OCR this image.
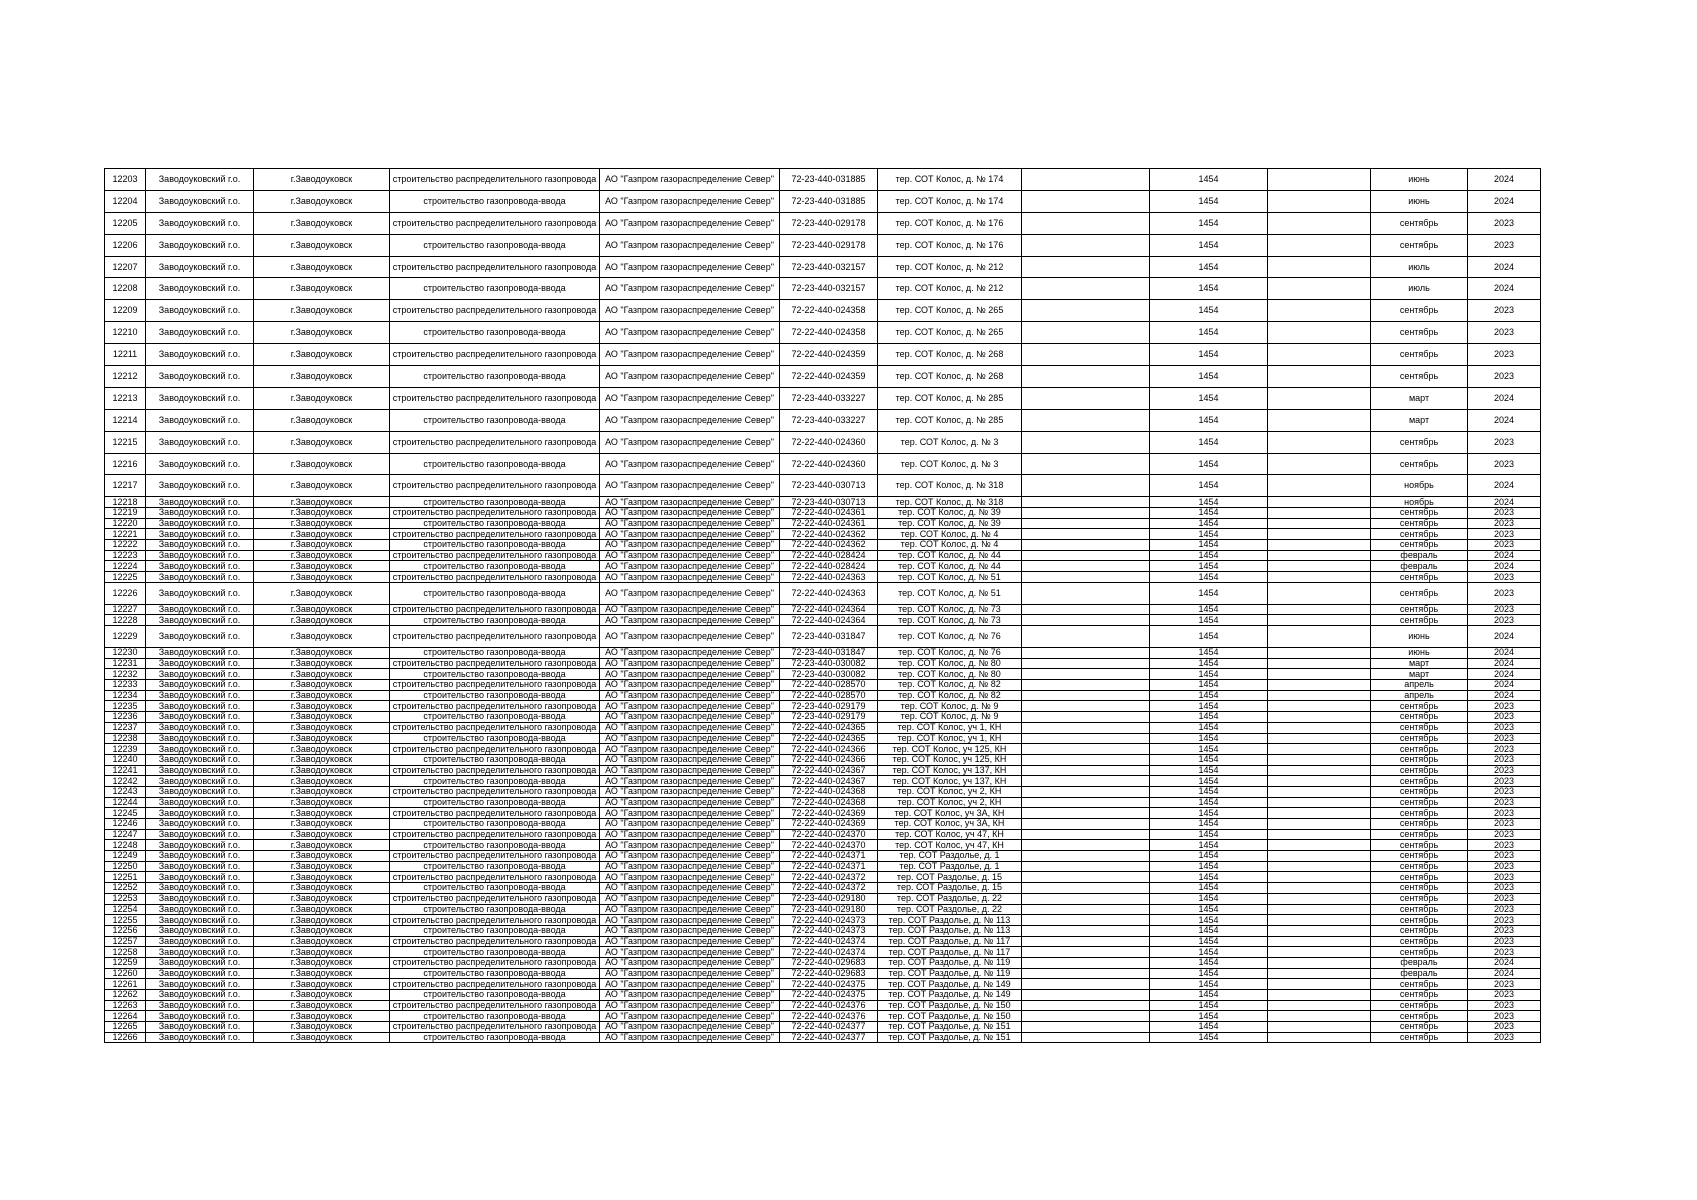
12203	Заводоуковский г.о.	г.Заводоуковск	строительство распределительного газопровода	АО "Газпром газораспределение Север"	72-23-440-031885	тер. СОТ Колос, д. № 174		1454		июнь	2024
12204	Заводоуковский г.о.	г.Заводоуковск	строительство газопровода-ввода	АО "Газпром газораспределение Север"	72-23-440-031885	тер. СОТ Колос, д. № 174		1454		июнь	2024
12205	Заводоуковский г.о.	г.Заводоуковск	строительство распределительного газопровода	АО "Газпром газораспределение Север"	72-23-440-029178	тер. СОТ Колос, д. № 176		1454		сентябрь	2023
12206	Заводоуковский г.о.	г.Заводоуковск	строительство газопровода-ввода	АО "Газпром газораспределение Север"	72-23-440-029178	тер. СОТ Колос, д. № 176		1454		сентябрь	2023
12207	Заводоуковский г.о.	г.Заводоуковск	строительство распределительного газопровода	АО "Газпром газораспределение Север"	72-23-440-032157	тер. СОТ Колос, д. № 212		1454		июль	2024
12208	Заводоуковский г.о.	г.Заводоуковск	строительство газопровода-ввода	АО "Газпром газораспределение Север"	72-23-440-032157	тер. СОТ Колос, д. № 212		1454		июль	2024
12209	Заводоуковский г.о.	г.Заводоуковск	строительство распределительного газопровода	АО "Газпром газораспределение Север"	72-22-440-024358	тер. СОТ Колос, д. № 265		1454		сентябрь	2023
12210	Заводоуковский г.о.	г.Заводоуковск	строительство газопровода-ввода	АО "Газпром газораспределение Север"	72-22-440-024358	тер. СОТ Колос, д. № 265		1454		сентябрь	2023
12211	Заводоуковский г.о.	г.Заводоуковск	строительство распределительного газопровода	АО "Газпром газораспределение Север"	72-22-440-024359	тер. СОТ Колос, д. № 268		1454		сентябрь	2023
12212	Заводоуковский г.о.	г.Заводоуковск	строительство газопровода-ввода	АО "Газпром газораспределение Север"	72-22-440-024359	тер. СОТ Колос, д. № 268		1454		сентябрь	2023
12213	Заводоуковский г.о.	г.Заводоуковск	строительство распределительного газопровода	АО "Газпром газораспределение Север"	72-23-440-033227	тер. СОТ Колос, д. № 285		1454		март	2024
12214	Заводоуковский г.о.	г.Заводоуковск	строительство газопровода-ввода	АО "Газпром газораспределение Север"	72-23-440-033227	тер. СОТ Колос, д. № 285		1454		март	2024
12215	Заводоуковский г.о.	г.Заводоуковск	строительство распределительного газопровода	АО "Газпром газораспределение Север"	72-22-440-024360	тер. СОТ Колос, д. № 3		1454		сентябрь	2023
12216	Заводоуковский г.о.	г.Заводоуковск	строительство газопровода-ввода	АО "Газпром газораспределение Север"	72-22-440-024360	тер. СОТ Колос, д. № 3		1454		сентябрь	2023
12217	Заводоуковский г.о.	г.Заводоуковск	строительство распределительного газопровода	АО "Газпром газораспределение Север"	72-23-440-030713	тер. СОТ Колос, д. № 318		1454		ноябрь	2024
12218	Заводоуковский г.о.	г.Заводоуковск	строительство газопровода-ввода	АО "Газпром газораспределение Север"	72-23-440-030713	тер. СОТ Колос, д. № 318		1454		ноябрь	2024
12219	Заводоуковский г.о.	г.Заводоуковск	строительство распределительного газопровода	АО "Газпром газораспределение Север"	72-22-440-024361	тер. СОТ Колос, д. № 39		1454		сентябрь	2023
12220	Заводоуковский г.о.	г.Заводоуковск	строительство газопровода-ввода	АО "Газпром газораспределение Север"	72-22-440-024361	тер. СОТ Колос, д. № 39		1454		сентябрь	2023
12221	Заводоуковский г.о.	г.Заводоуковск	строительство распределительного газопровода	АО "Газпром газораспределение Север"	72-22-440-024362	тер. СОТ Колос, д. № 4		1454		сентябрь	2023
12222	Заводоуковский г.о.	г.Заводоуковск	строительство газопровода-ввода	АО "Газпром газораспределение Север"	72-22-440-024362	тер. СОТ Колос, д. № 4		1454		сентябрь	2023
12223	Заводоуковский г.о.	г.Заводоуковск	строительство распределительного газопровода	АО "Газпром газораспределение Север"	72-22-440-028424	тер. СОТ Колос, д. № 44		1454		февраль	2024
12224	Заводоуковский г.о.	г.Заводоуковск	строительство газопровода-ввода	АО "Газпром газораспределение Север"	72-22-440-028424	тер. СОТ Колос, д. № 44		1454		февраль	2024
12225	Заводоуковский г.о.	г.Заводоуковск	строительство распределительного газопровода	АО "Газпром газораспределение Север"	72-22-440-024363	тер. СОТ Колос, д. № 51		1454		сентябрь	2023
12226	Заводоуковский г.о.	г.Заводоуковск	строительство газопровода-ввода	АО "Газпром газораспределение Север"	72-22-440-024363	тер. СОТ Колос, д. № 51		1454		сентябрь	2023
12227	Заводоуковский г.о.	г.Заводоуковск	строительство распределительного газопровода	АО "Газпром газораспределение Север"	72-22-440-024364	тер. СОТ Колос, д. № 73		1454		сентябрь	2023
12228	Заводоуковский г.о.	г.Заводоуковск	строительство газопровода-ввода	АО "Газпром газораспределение Север"	72-22-440-024364	тер. СОТ Колос, д. № 73		1454		сентябрь	2023
12229	Заводоуковский г.о.	г.Заводоуковск	строительство распределительного газопровода	АО "Газпром газораспределение Север"	72-23-440-031847	тер. СОТ Колос, д. № 76		1454		июнь	2024
12230	Заводоуковский г.о.	г.Заводоуковск	строительство газопровода-ввода	АО "Газпром газораспределение Север"	72-23-440-031847	тер. СОТ Колос, д. № 76		1454		июнь	2024
12231	Заводоуковский г.о.	г.Заводоуковск	строительство распределительного газопровода	АО "Газпром газораспределение Север"	72-23-440-030082	тер. СОТ Колос, д. № 80		1454		март	2024
12232	Заводоуковский г.о.	г.Заводоуковск	строительство газопровода-ввода	АО "Газпром газораспределение Север"	72-23-440-030082	тер. СОТ Колос, д. № 80		1454		март	2024
12233	Заводоуковский г.о.	г.Заводоуковск	строительство распределительного газопровода	АО "Газпром газораспределение Север"	72-22-440-028570	тер. СОТ Колос, д. № 82		1454		апрель	2024
12234	Заводоуковский г.о.	г.Заводоуковск	строительство газопровода-ввода	АО "Газпром газораспределение Север"	72-22-440-028570	тер. СОТ Колос, д. № 82		1454		апрель	2024
12235	Заводоуковский г.о.	г.Заводоуковск	строительство распределительного газопровода	АО "Газпром газораспределение Север"	72-23-440-029179	тер. СОТ Колос, д. № 9		1454		сентябрь	2023
12236	Заводоуковский г.о.	г.Заводоуковск	строительство газопровода-ввода	АО "Газпром газораспределение Север"	72-23-440-029179	тер. СОТ Колос, д. № 9		1454		сентябрь	2023
12237	Заводоуковский г.о.	г.Заводоуковск	строительство распределительного газопровода	АО "Газпром газораспределение Север"	72-22-440-024365	тер. СОТ Колос, уч 1, КН		1454		сентябрь	2023
12238	Заводоуковский г.о.	г.Заводоуковск	строительство газопровода-ввода	АО "Газпром газораспределение Север"	72-22-440-024365	тер. СОТ Колос, уч 1, КН		1454		сентябрь	2023
12239	Заводоуковский г.о.	г.Заводоуковск	строительство распределительного газопровода	АО "Газпром газораспределение Север"	72-22-440-024366	тер. СОТ Колос, уч 125, КН		1454		сентябрь	2023
12240	Заводоуковский г.о.	г.Заводоуковск	строительство газопровода-ввода	АО "Газпром газораспределение Север"	72-22-440-024366	тер. СОТ Колос, уч 125, КН		1454		сентябрь	2023
12241	Заводоуковский г.о.	г.Заводоуковск	строительство распределительного газопровода	АО "Газпром газораспределение Север"	72-22-440-024367	тер. СОТ Колос, уч 137, КН		1454		сентябрь	2023
12242	Заводоуковский г.о.	г.Заводоуковск	строительство газопровода-ввода	АО "Газпром газораспределение Север"	72-22-440-024367	тер. СОТ Колос, уч 137, КН		1454		сентябрь	2023
12243	Заводоуковский г.о.	г.Заводоуковск	строительство распределительного газопровода	АО "Газпром газораспределение Север"	72-22-440-024368	тер. СОТ Колос, уч 2, КН		1454		сентябрь	2023
12244	Заводоуковский г.о.	г.Заводоуковск	строительство газопровода-ввода	АО "Газпром газораспределение Север"	72-22-440-024368	тер. СОТ Колос, уч 2, КН		1454		сентябрь	2023
12245	Заводоуковский г.о.	г.Заводоуковск	строительство распределительного газопровода	АО "Газпром газораспределение Север"	72-22-440-024369	тер. СОТ Колос, уч 3А, КН		1454		сентябрь	2023
12246	Заводоуковский г.о.	г.Заводоуковск	строительство газопровода-ввода	АО "Газпром газораспределение Север"	72-22-440-024369	тер. СОТ Колос, уч 3А, КН		1454		сентябрь	2023
12247	Заводоуковский г.о.	г.Заводоуковск	строительство распределительного газопровода	АО "Газпром газораспределение Север"	72-22-440-024370	тер. СОТ Колос, уч 47, КН		1454		сентябрь	2023
12248	Заводоуковский г.о.	г.Заводоуковск	строительство газопровода-ввода	АО "Газпром газораспределение Север"	72-22-440-024370	тер. СОТ Колос, уч 47, КН		1454		сентябрь	2023
12249	Заводоуковский г.о.	г.Заводоуковск	строительство распределительного газопровода	АО "Газпром газораспределение Север"	72-22-440-024371	тер. СОТ Раздолье, д. 1		1454		сентябрь	2023
12250	Заводоуковский г.о.	г.Заводоуковск	строительство газопровода-ввода	АО "Газпром газораспределение Север"	72-22-440-024371	тер. СОТ Раздолье, д. 1		1454		сентябрь	2023
12251	Заводоуковский г.о.	г.Заводоуковск	строительство распределительного газопровода	АО "Газпром газораспределение Север"	72-22-440-024372	тер. СОТ Раздолье, д. 15		1454		сентябрь	2023
12252	Заводоуковский г.о.	г.Заводоуковск	строительство газопровода-ввода	АО "Газпром газораспределение Север"	72-22-440-024372	тер. СОТ Раздолье, д. 15		1454		сентябрь	2023
12253	Заводоуковский г.о.	г.Заводоуковск	строительство распределительного газопровода	АО "Газпром газораспределение Север"	72-23-440-029180	тер. СОТ Раздолье, д. 22		1454		сентябрь	2023
12254	Заводоуковский г.о.	г.Заводоуковск	строительство газопровода-ввода	АО "Газпром газораспределение Север"	72-23-440-029180	тер. СОТ Раздолье, д. 22		1454		сентябрь	2023
12255	Заводоуковский г.о.	г.Заводоуковск	строительство распределительного газопровода	АО "Газпром газораспределение Север"	72-22-440-024373	тер. СОТ Раздолье, д. № 113		1454		сентябрь	2023
12256	Заводоуковский г.о.	г.Заводоуковск	строительство газопровода-ввода	АО "Газпром газораспределение Север"	72-22-440-024373	тер. СОТ Раздолье, д. № 113		1454		сентябрь	2023
12257	Заводоуковский г.о.	г.Заводоуковск	строительство распределительного газопровода	АО "Газпром газораспределение Север"	72-22-440-024374	тер. СОТ Раздолье, д. № 117		1454		сентябрь	2023
12258	Заводоуковский г.о.	г.Заводоуковск	строительство газопровода-ввода	АО "Газпром газораспределение Север"	72-22-440-024374	тер. СОТ Раздолье, д. № 117		1454		сентябрь	2023
12259	Заводоуковский г.о.	г.Заводоуковск	строительство распределительного газопровода	АО "Газпром газораспределение Север"	72-22-440-029683	тер. СОТ Раздолье, д. № 119		1454		февраль	2024
12260	Заводоуковский г.о.	г.Заводоуковск	строительство газопровода-ввода	АО "Газпром газораспределение Север"	72-22-440-029683	тер. СОТ Раздолье, д. № 119		1454		февраль	2024
12261	Заводоуковский г.о.	г.Заводоуковск	строительство распределительного газопровода	АО "Газпром газораспределение Север"	72-22-440-024375	тер. СОТ Раздолье, д. № 149		1454		сентябрь	2023
12262	Заводоуковский г.о.	г.Заводоуковск	строительство газопровода-ввода	АО "Газпром газораспределение Север"	72-22-440-024375	тер. СОТ Раздолье, д. № 149		1454		сентябрь	2023
12263	Заводоуковский г.о.	г.Заводоуковск	строительство распределительного газопровода	АО "Газпром газораспределение Север"	72-22-440-024376	тер. СОТ Раздолье, д. № 150		1454		сентябрь	2023
12264	Заводоуковский г.о.	г.Заводоуковск	строительство газопровода-ввода	АО "Газпром газораспределение Север"	72-22-440-024376	тер. СОТ Раздолье, д. № 150		1454		сентябрь	2023
12265	Заводоуковский г.о.	г.Заводоуковск	строительство распределительного газопровода	АО "Газпром газораспределение Север"	72-22-440-024377	тер. СОТ Раздолье, д. № 151		1454		сентябрь	2023
12266	Заводоуковский г.о.	г.Заводоуковск	строительство газопровода-ввода	АО "Газпром газораспределение Север"	72-22-440-024377	тер. СОТ Раздолье, д. № 151		1454		сентябрь	2023
